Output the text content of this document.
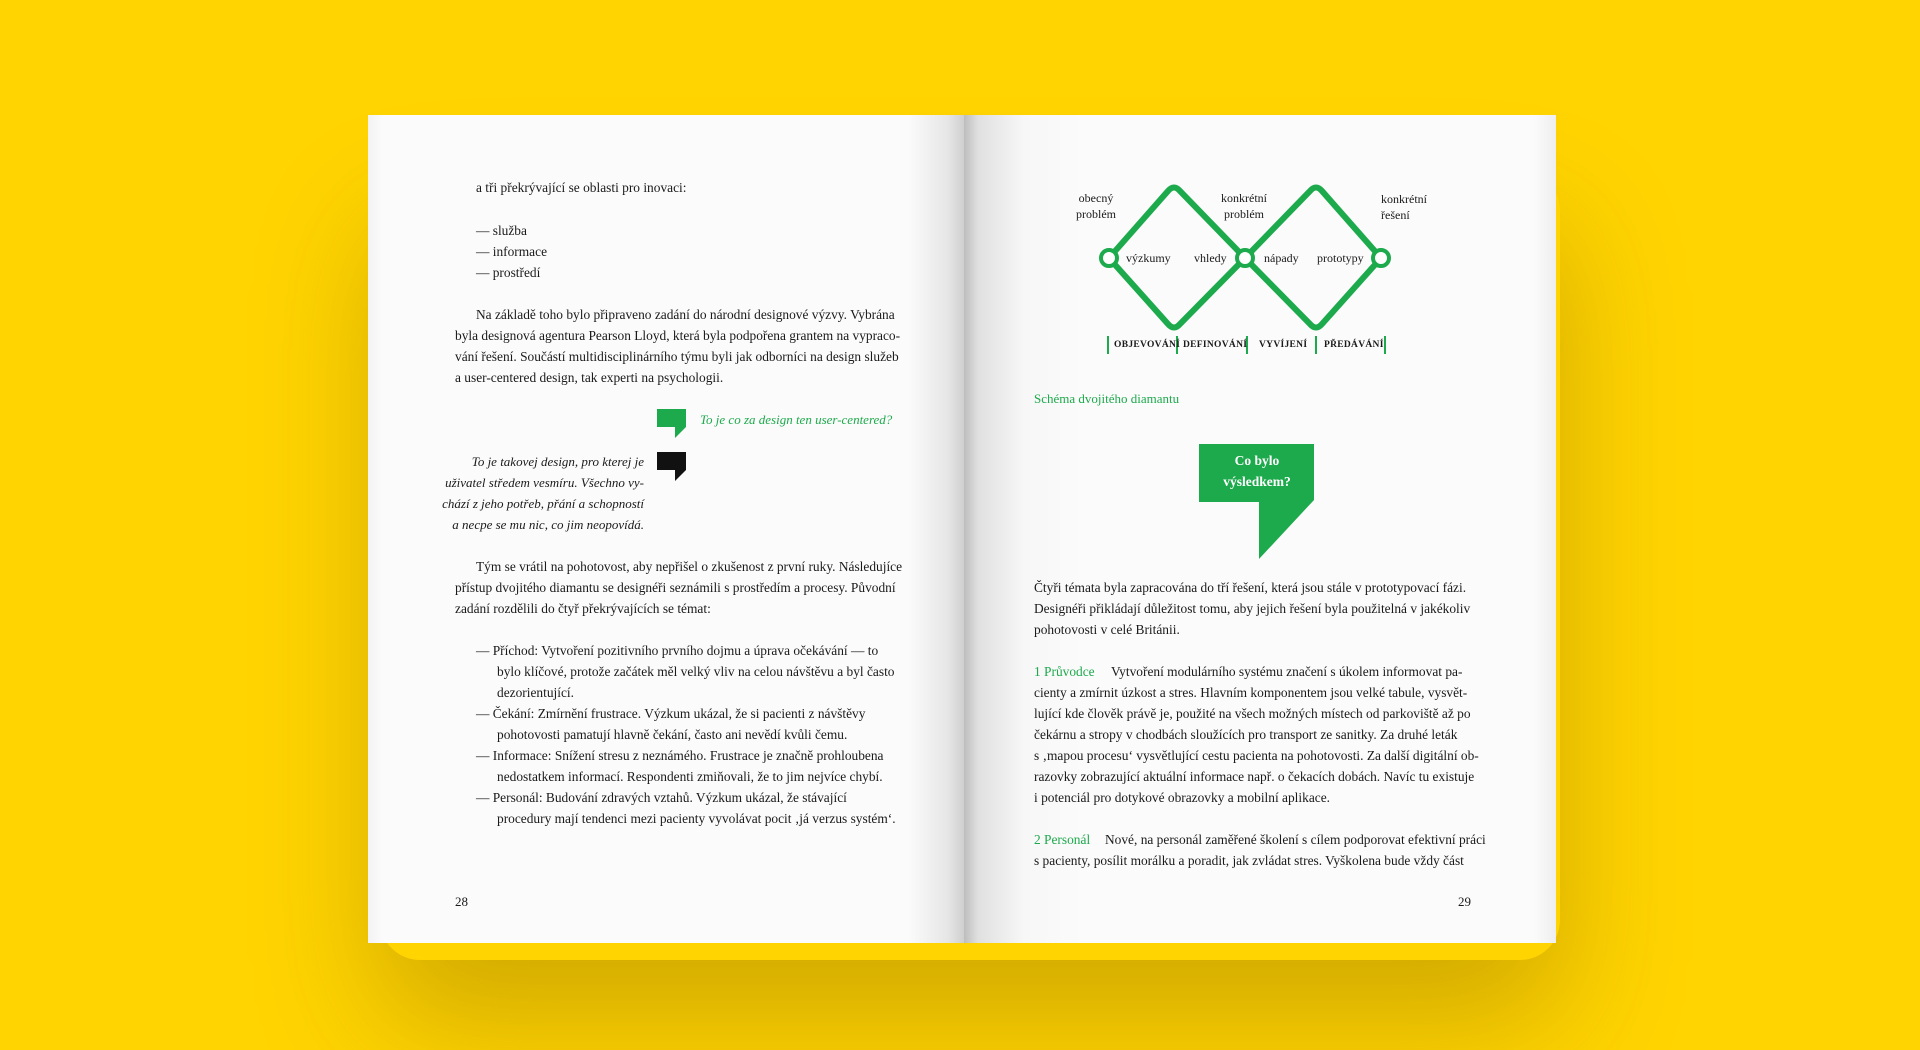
a tři překrývající se oblasti pro inovaci:
— služba
— informace
— prostředí
Na základě toho bylo připraveno zadání do národní designové výzvy. Vybrána
byla designová agentura Pearson Lloyd, která byla podpořena grantem na vypraco-
vání řešení. Součástí multidisciplinárního týmu byli jak odborníci na design služeb
a user-centered design, tak experti na psychologii.
To je co za design ten user-centered?
To je takovej design, pro kterej je
uživatel středem vesmíru. Všechno vy-
chází z jeho potřeb, přání a schopností
a necpe se mu nic, co jim neopovídá.
Tým se vrátil na pohotovost, aby nepřišel o zkušenost z první ruky. Následujíce
přístup dvojitého diamantu se designéři seznámili s prostředím a procesy. Původní
zadání rozdělili do čtyř překrývajících se témat:
— Příchod: Vytvoření pozitivního prvního dojmu a úprava očekávání — to
bylo klíčové, protože začátek měl velký vliv na celou návštěvu a byl často
dezorientující.
— Čekání: Zmírnění frustrace. Výzkum ukázal, že si pacienti z návštěvy
pohotovosti pamatují hlavně čekání, často ani nevědí kvůli čemu.
— Informace: Snížení stresu z neznámého. Frustrace je značně prohloubena
nedostatkem informací. Respondenti zmiňovali, že to jim nejvíce chybí.
— Personál: Budování zdravých vztahů. Výzkum ukázal, že stávající
procedury mají tendenci mezi pacienty vyvolávat pocit ‚já verzus systém‘.
28
obecný
problém
konkrétní
problém
konkrétní
řešení
výzkumy vhledy	nápady prototypy
OBJEVOVÁNÍ DEFINOVÁNÍ VYVÍJENÍ PŘEDÁVÁNÍ
Schéma dvojitého diamantu
Co bylo
výsledkem?
Čtyři témata byla zapracována do tří řešení, která jsou stále v prototypovací fázi.
Designéři přikládají důležitost tomu, aby jejich řešení byla použitelná v jakékoliv
pohotovosti v celé Británii.
1 Průvodce Vytvoření modulárního systému značení s úkolem informovat pa-
cienty a zmírnit úzkost a stres. Hlavním komponentem jsou velké tabule, vysvět-
lující kde člověk právě je, použité na všech možných místech od parkoviště až po
čekárnu a stropy v chodbách sloužících pro transport ze sanitky. Za druhé leták
s ‚mapou procesu‘ vysvětlující cestu pacienta na pohotovosti. Za další digitální ob-
razovky zobrazující aktuální informace např. o čekacích dobách. Navíc tu existuje
i potenciál pro dotykové obrazovky a mobilní aplikace.
2 Personál Nové, na personál zaměřené školení s cílem podporovat efektivní práci
s pacienty, posílit morálku a poradit, jak zvládat stres. Vyškolena bude vždy část
29
